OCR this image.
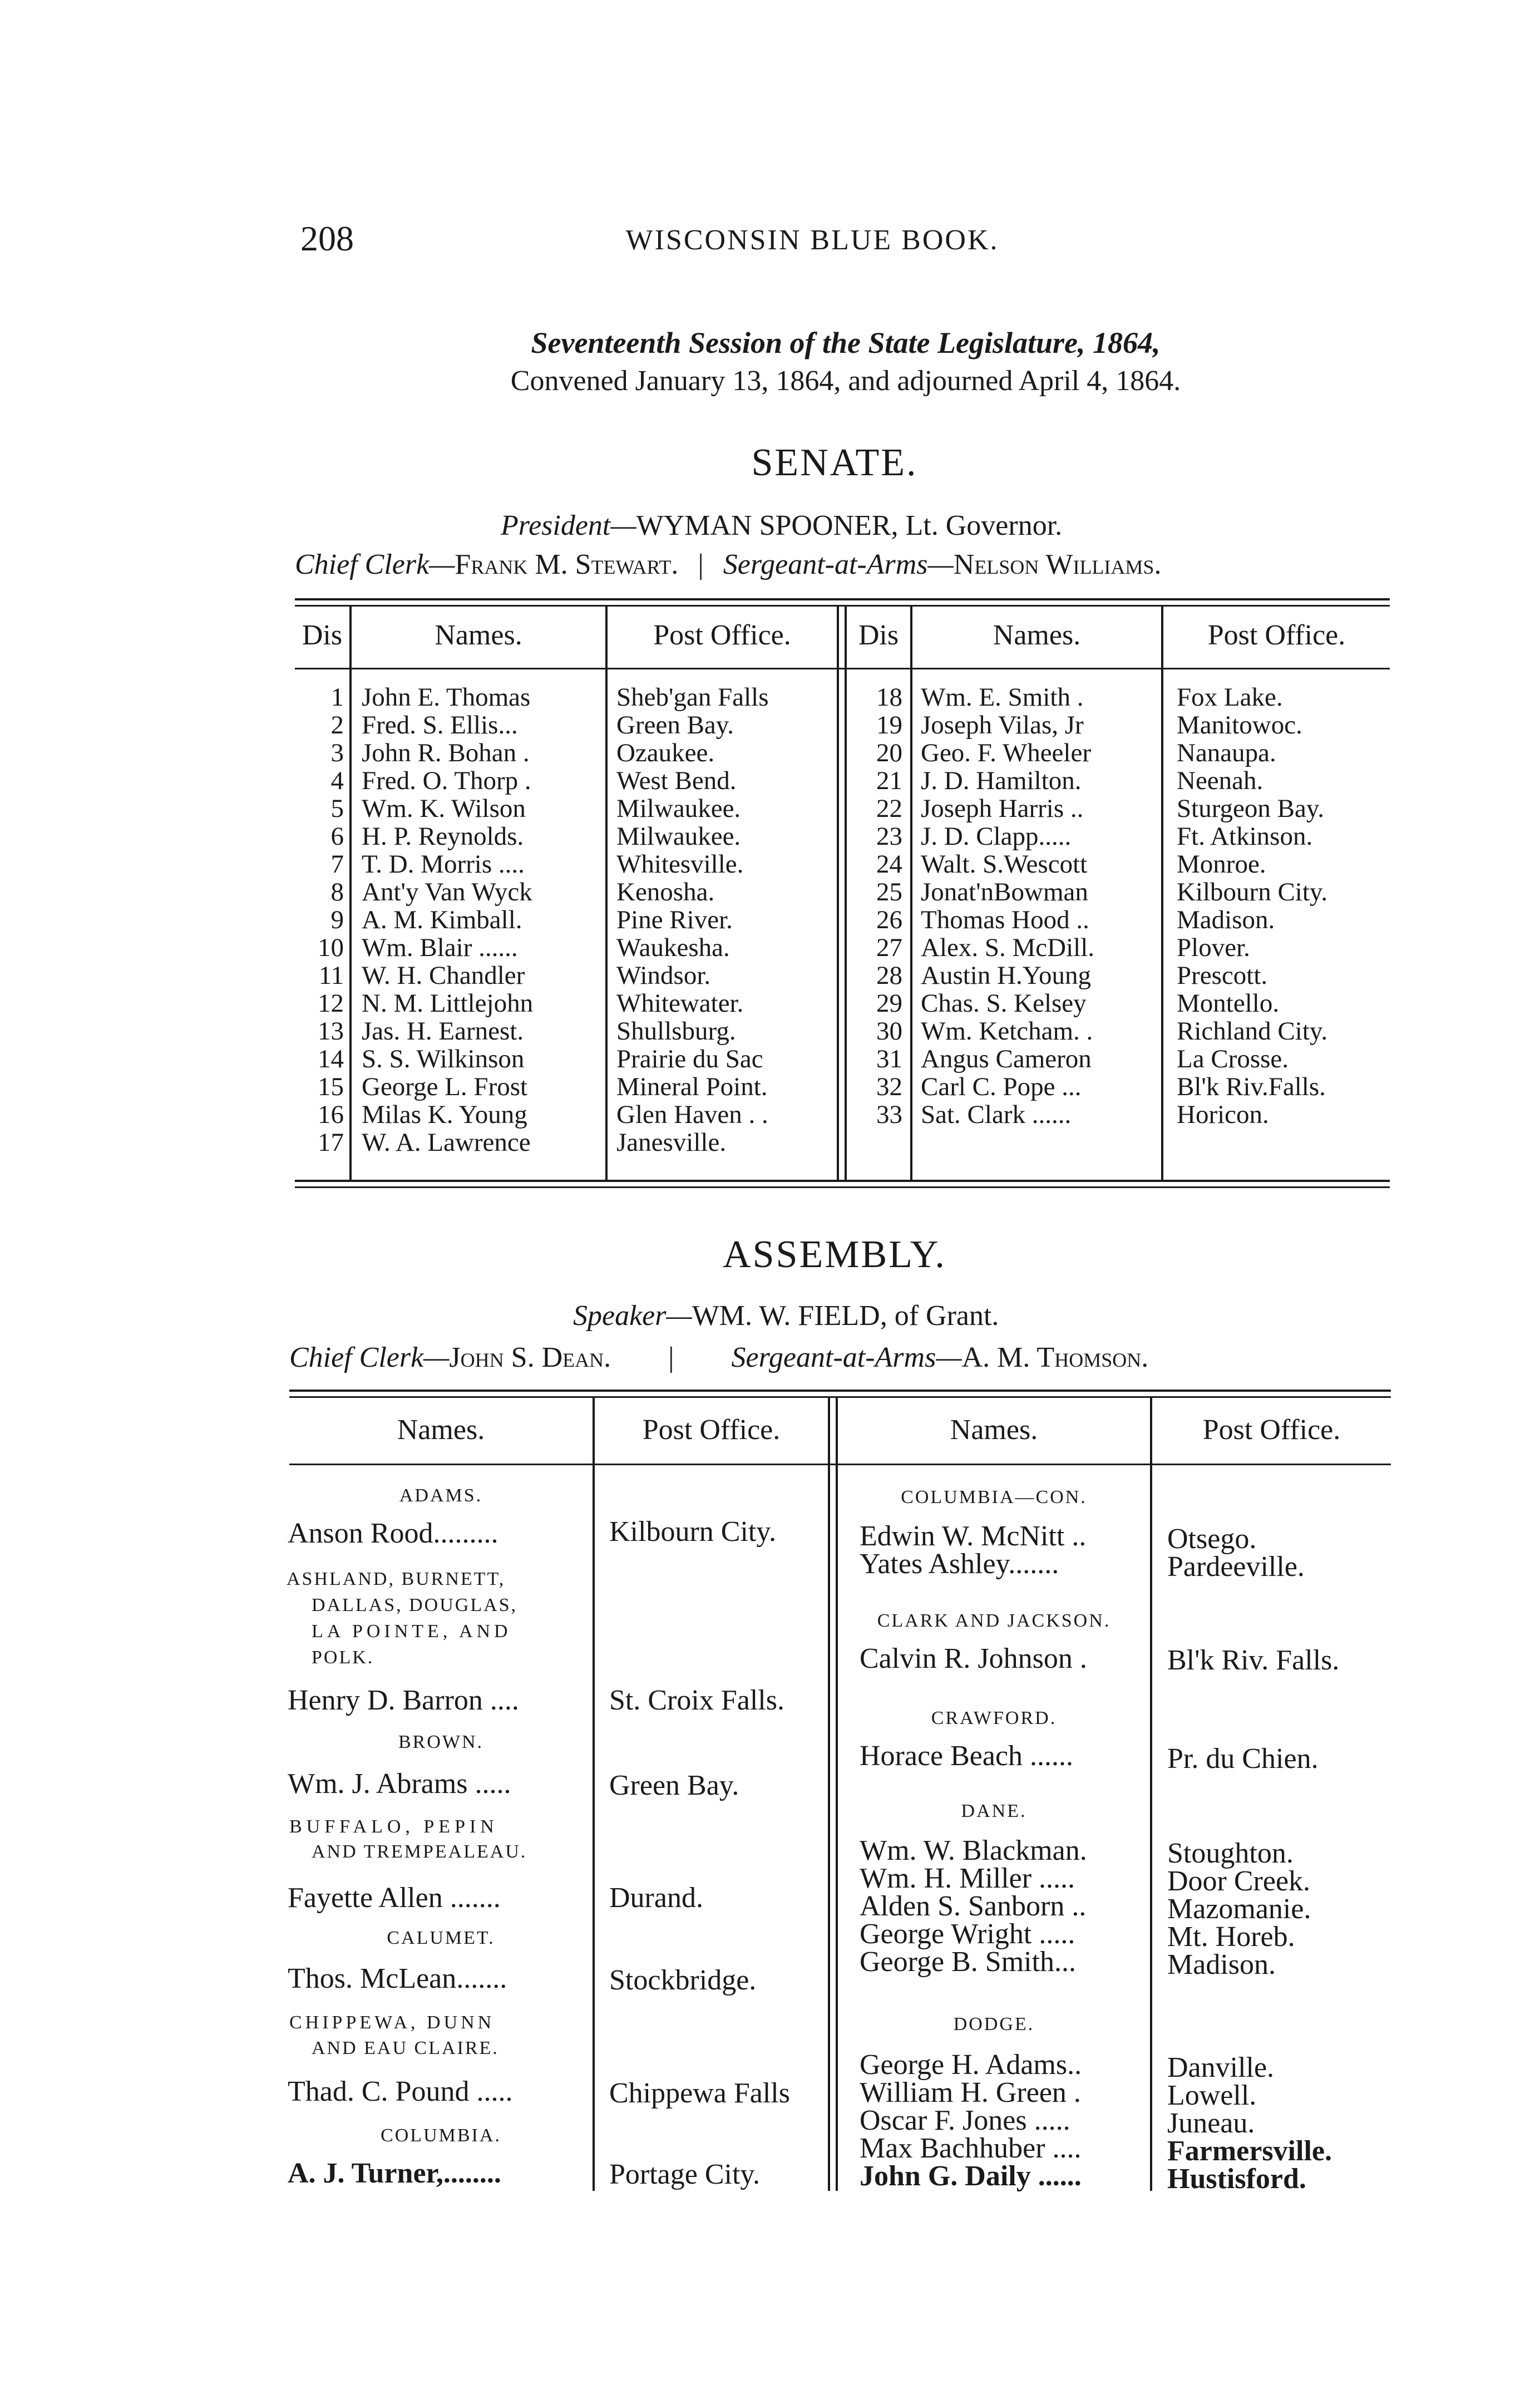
208	WISCONSIN BLUE BOOK.
Seventeenth Session of the State Legislature, 1864,
Convened January 13, 1864, and adjourned April 4, 1864.
SENATE.
President—WYMAN SPOONER, Lt. Governor.
Chief Clerk—Frank M. Stewart. | Sergeant-at-Arms—Nelson Williams.
Dis	Names.	Post Office.	Dis	Names.	Post Office.
1 John E. Thomas	Sheb'gan Falls
2 Fred. S. Ellis...	Green Bay.
3 John R. Bohan .	Ozaukee.
4 Fred. O. Thorp .	West Bend.
5 Wm. K. Wilson	Milwaukee.
6 H. P. Reynolds.	Milwaukee.
7 T. D. Morris ....	Whitesville.
8 Ant'y Van Wyck	Kenosha.
9 A. M. Kimball.	Pine River.
10 Wm. Blair ......	Waukesha.
11 W. H. Chandler	Windsor.
12 N. M. Littlejohn	Whitewater.
13 Jas. H. Earnest.	Shullsburg.
14 S. S. Wilkinson	Prairie du Sac
15 George L. Frost	Mineral Point.
16 Milas K. Young	Glen Haven . .
17 W. A. Lawrence	Janesville.
18 Wm. E. Smith .	Fox Lake.
19 Joseph Vilas, Jr	Manitowoc.
20 Geo. F. Wheeler	Nanaupa.
21 J. D. Hamilton.	Neenah.
22 Joseph Harris ..	Sturgeon Bay.
23 J. D. Clapp.....	Ft. Atkinson.
24 Walt. S.Wescott	Monroe.
25 Jonat'nBowman	Kilbourn City.
26 Thomas Hood ..	Madison.
27 Alex. S. McDill.	Plover.
28 Austin H.Young	Prescott.
29 Chas. S. Kelsey	Montello.
30 Wm. Ketcham. .	Richland City.
31 Angus Cameron	La Crosse.
32 Carl C. Pope ...	Bl'k Riv.Falls.
33 Sat. Clark ......	Horicon.
ASSEMBLY.
Speaker—WM. W. FIELD, of Grant.
Chief Clerk—John S. Dean. | Sergeant-at-Arms—A. M. Thomson.
Names.	Post Office.	Names.	Post Office.
ADAMS.
Anson Rood.........	Kilbourn City.
ASHLAND, BURNETT,
DALLAS, DOUGLAS,
LA POINTE, AND
POLK.
Henry D. Barron ....	St. Croix Falls.
BROWN.
Wm. J. Abrams .....	Green Bay.
BUFFALO, PEPIN
AND TREMPEALEAU.
Fayette Allen .......	Durand.
CALUMET.
Thos. McLean.......	Stockbridge.
CHIPPEWA, DUNN
AND EAU CLAIRE.
Thad. C. Pound .....	Chippewa Falls
COLUMBIA.
A. J. Turner,........	Portage City.
COLUMBIA—CON.
Edwin W. McNitt ..	Otsego.
Yates Ashley.......	Pardeeville.
CLARK AND JACKSON.
Calvin R. Johnson .	Bl'k Riv. Falls.
CRAWFORD.
Horace Beach ......	Pr. du Chien.
DANE.
Wm. W. Blackman.	Stoughton.
Wm. H. Miller .....	Door Creek.
Alden S. Sanborn ..	Mazomanie.
George Wright .....	Mt. Horeb.
George B. Smith...	Madison.
DODGE.
George H. Adams..	Danville.
William H. Green .	Lowell.
Oscar F. Jones .....	Juneau.
Max Bachhuber ....	Farmersville.
John G. Daily ......	Hustisford.
